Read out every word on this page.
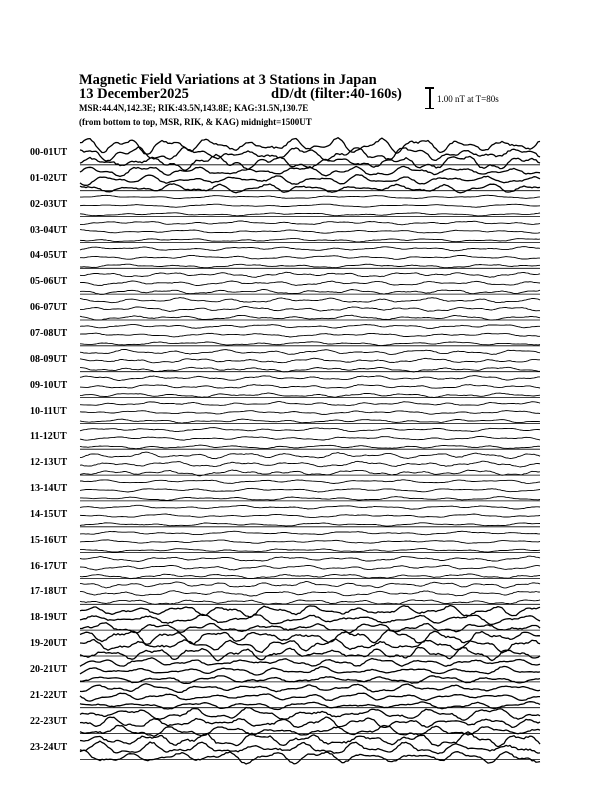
Magnetic Field Variations at 3 Stations in Japan
13 December2025	dD/dt (filter:40-160s)
MSR:44.4N,142.3E; RIK:43.5N,143.8E; KAG:31.5N,130.7E
(from bottom to top, MSR, RIK, & KAG) midnight=1500UT
1.00 nT at T=80s
00-01UT
01-02UT
02-03UT
03-04UT
04-05UT
05-06UT
06-07UT
07-08UT
08-09UT
09-10UT
10-11UT
11-12UT
12-13UT
13-14UT
14-15UT
15-16UT
16-17UT
17-18UT
18-19UT
19-20UT
20-21UT
21-22UT
22-23UT
23-24UT
